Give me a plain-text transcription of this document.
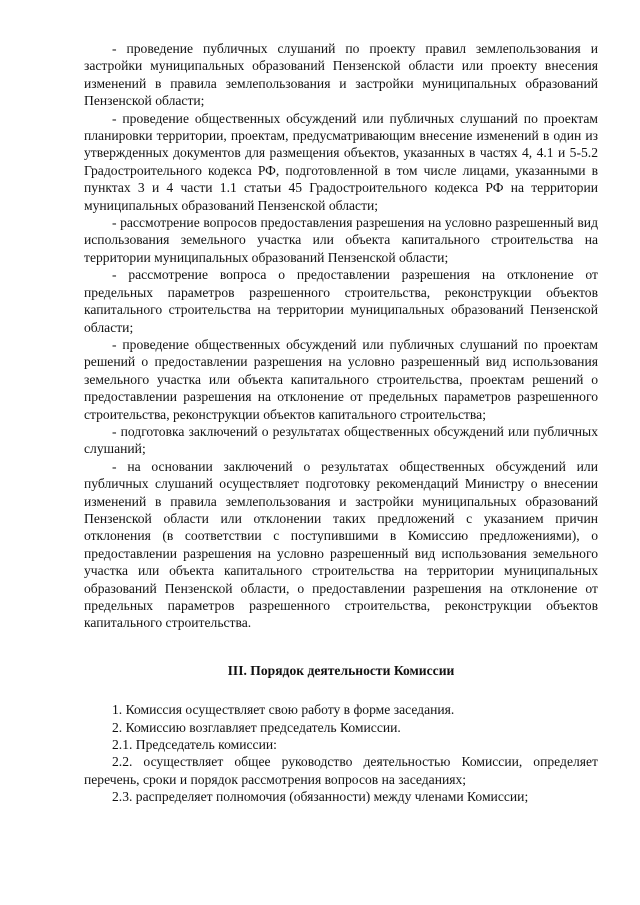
- проведение публичных слушаний по проекту правил землепользования и застройки муниципальных образований Пензенской области или проекту внесения изменений в правила землепользования и застройки муниципальных образований Пензенской области;

- проведение общественных обсуждений или публичных слушаний по проектам планировки территории, проектам, предусматривающим внесение изменений в один из утвержденных документов для размещения объектов, указанных в частях 4, 4.1 и 5-5.2 Градостроительного кодекса РФ, подготовленной в том числе лицами, указанными в пунктах 3 и 4 части 1.1 статьи 45 Градостроительного кодекса РФ на территории муниципальных образований Пензенской области;

- рассмотрение вопросов предоставления разрешения на условно разрешенный вид использования земельного участка или объекта капитального строительства на территории муниципальных образований Пензенской области;

- рассмотрение вопроса о предоставлении разрешения на отклонение от предельных параметров разрешенного строительства, реконструкции объектов капитального строительства на территории муниципальных образований Пензенской области;

- проведение общественных обсуждений или публичных слушаний по проектам решений о предоставлении разрешения на условно разрешенный вид использования земельного участка или объекта капитального строительства, проектам решений о предоставлении разрешения на отклонение от предельных параметров разрешенного строительства, реконструкции объектов капитального строительства;

- подготовка заключений о результатах общественных обсуждений или публичных слушаний;

- на основании заключений о результатах общественных обсуждений или публичных слушаний осуществляет подготовку рекомендаций Министру о внесении изменений в правила землепользования и застройки муниципальных образований Пензенской области или отклонении таких предложений с указанием причин отклонения (в соответствии с поступившими в Комиссию предложениями), о предоставлении разрешения на условно разрешенный вид использования земельного участка или объекта капитального строительства на территории муниципальных образований Пензенской области, о предоставлении разрешения на отклонение от предельных параметров разрешенного строительства, реконструкции объектов капитального строительства.

III. Порядок деятельности Комиссии

1. Комиссия осуществляет свою работу в форме заседания.

2. Комиссию возглавляет председатель Комиссии.

2.1. Председатель комиссии:

2.2. осуществляет общее руководство деятельностью Комиссии, определяет перечень, сроки и порядок рассмотрения вопросов на заседаниях;

2.3. распределяет полномочия (обязанности) между членами Комиссии;
